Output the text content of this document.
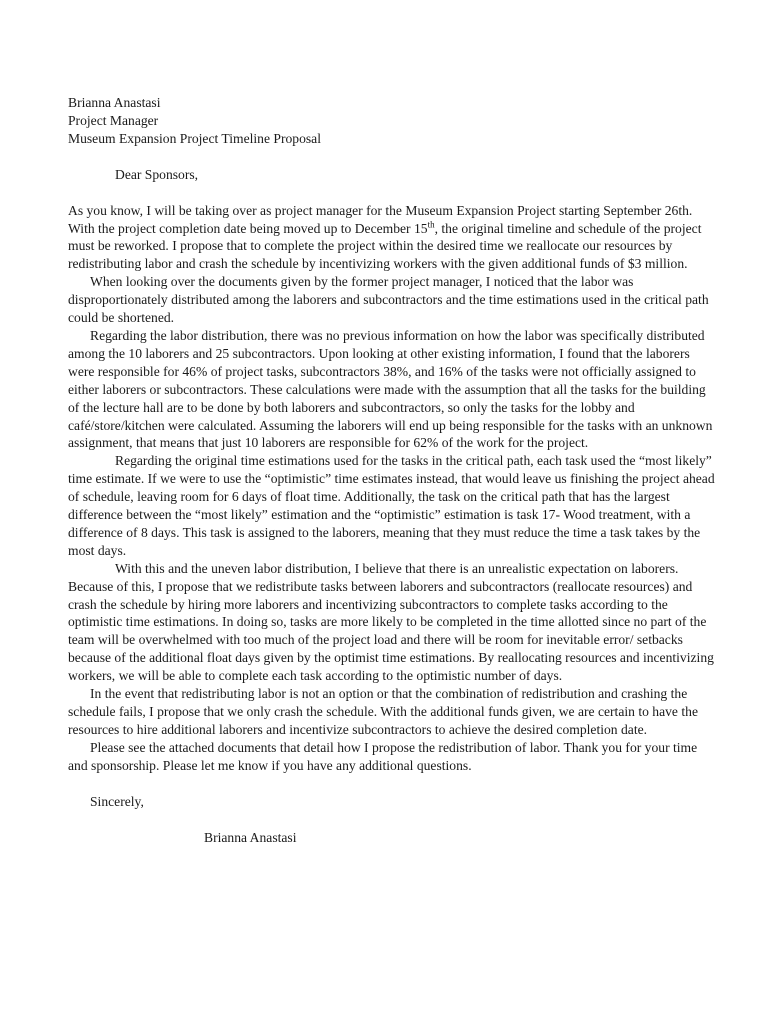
Brianna Anastasi
Project Manager
Museum Expansion Project Timeline Proposal
Dear Sponsors,

As you know, I will be taking over as project manager for the Museum Expansion Project starting September 26th. With the project completion date being moved up to December 15th, the original timeline and schedule of the project must be reworked. I propose that to complete the project within the desired time we reallocate our resources by redistributing labor and crash the schedule by incentivizing workers with the given additional funds of $3 million.

When looking over the documents given by the former project manager, I noticed that the labor was disproportionately distributed among the laborers and subcontractors and the time estimations used in the critical path could be shortened.

Regarding the labor distribution, there was no previous information on how the labor was specifically distributed among the 10 laborers and 25 subcontractors. Upon looking at other existing information, I found that the laborers were responsible for 46% of project tasks, subcontractors 38%, and 16% of the tasks were not officially assigned to either laborers or subcontractors. These calculations were made with the assumption that all the tasks for the building of the lecture hall are to be done by both laborers and subcontractors, so only the tasks for the lobby and café/store/kitchen were calculated. Assuming the laborers will end up being responsible for the tasks with an unknown assignment, that means that just 10 laborers are responsible for 62% of the work for the project.

Regarding the original time estimations used for the tasks in the critical path, each task used the “most likely” time estimate. If we were to use the “optimistic” time estimates instead, that would leave us finishing the project ahead of schedule, leaving room for 6 days of float time. Additionally, the task on the critical path that has the largest difference between the “most likely” estimation and the “optimistic” estimation is task 17- Wood treatment, with a difference of 8 days. This task is assigned to the laborers, meaning that they must reduce the time a task takes by the most days.

With this and the uneven labor distribution, I believe that there is an unrealistic expectation on laborers. Because of this, I propose that we redistribute tasks between laborers and subcontractors (reallocate resources) and crash the schedule by hiring more laborers and incentivizing subcontractors to complete tasks according to the optimistic time estimations. In doing so, tasks are more likely to be completed in the time allotted since no part of the team will be overwhelmed with too much of the project load and there will be room for inevitable error/ setbacks because of the additional float days given by the optimist time estimations. By reallocating resources and incentivizing workers, we will be able to complete each task according to the optimistic number of days.

In the event that redistributing labor is not an option or that the combination of redistribution and crashing the schedule fails, I propose that we only crash the schedule. With the additional funds given, we are certain to have the resources to hire additional laborers and incentivize subcontractors to achieve the desired completion date.

Please see the attached documents that detail how I propose the redistribution of labor. Thank you for your time and sponsorship. Please let me know if you have any additional questions.

Sincerely,
Brianna Anastasi
